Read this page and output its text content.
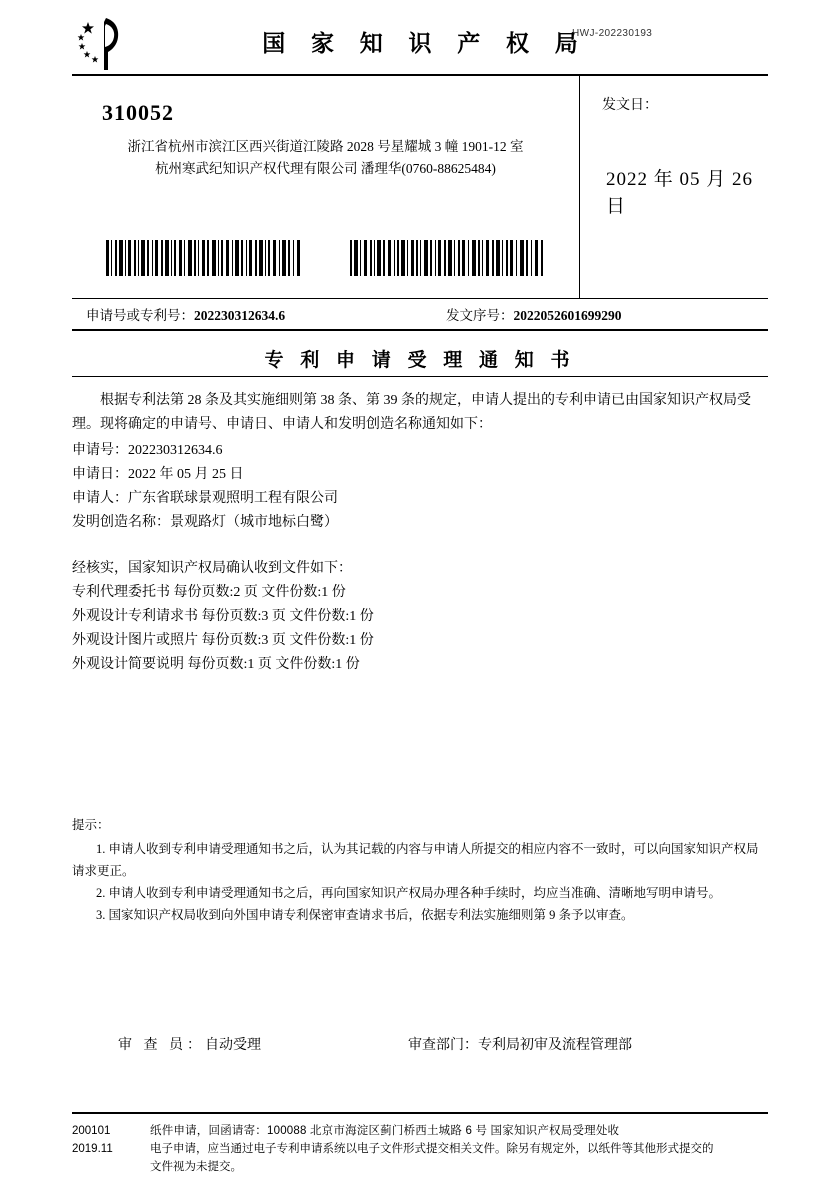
HWJ-202230193
国 家 知 识 产 权 局
310052
浙江省杭州市滨江区西兴街道江陵路 2028 号星耀城 3 幢 1901-12 室
杭州寒武纪知识产权代理有限公司 潘理华(0760-88625484)
发文日：
2022 年 05 月 26 日
申请号或专利号：202230312634.6	发文序号：2022052601699290
专 利 申 请 受 理 通 知 书

根据专利法第 28 条及其实施细则第 38 条、第 39 条的规定，申请人提出的专利申请已由国家知识产权局受理。现将确定的申请号、申请日、申请人和发明创造名称通知如下：

申请号：202230312634.6

申请日：2022 年 05 月 25 日

申请人：广东省联球景观照明工程有限公司

发明创造名称：景观路灯（城市地标白鹭）

经核实，国家知识产权局确认收到文件如下：

专利代理委托书 每份页数:2 页 文件份数:1 份

外观设计专利请求书 每份页数:3 页 文件份数:1 份

外观设计图片或照片 每份页数:3 页 文件份数:1 份

外观设计简要说明 每份页数:1 页 文件份数:1 份

提示：

1. 申请人收到专利申请受理通知书之后，认为其记载的内容与申请人所提交的相应内容不一致时，可以向国家知识产权局

请求更正。

2. 申请人收到专利申请受理通知书之后，再向国家知识产权局办理各种手续时，均应当准确、清晰地写明申请号。

3. 国家知识产权局收到向外国申请专利保密审查请求书后，依据专利法实施细则第 9 条予以审查。

审 查 员：自动受理	审查部门：专利局初审及流程管理部
200101
2019.11
纸件申请，回函请寄：100088 北京市海淀区蓟门桥西土城路 6 号 国家知识产权局受理处收
电子申请，应当通过电子专利申请系统以电子文件形式提交相关文件。除另有规定外，以纸件等其他形式提交的
文件视为未提交。
